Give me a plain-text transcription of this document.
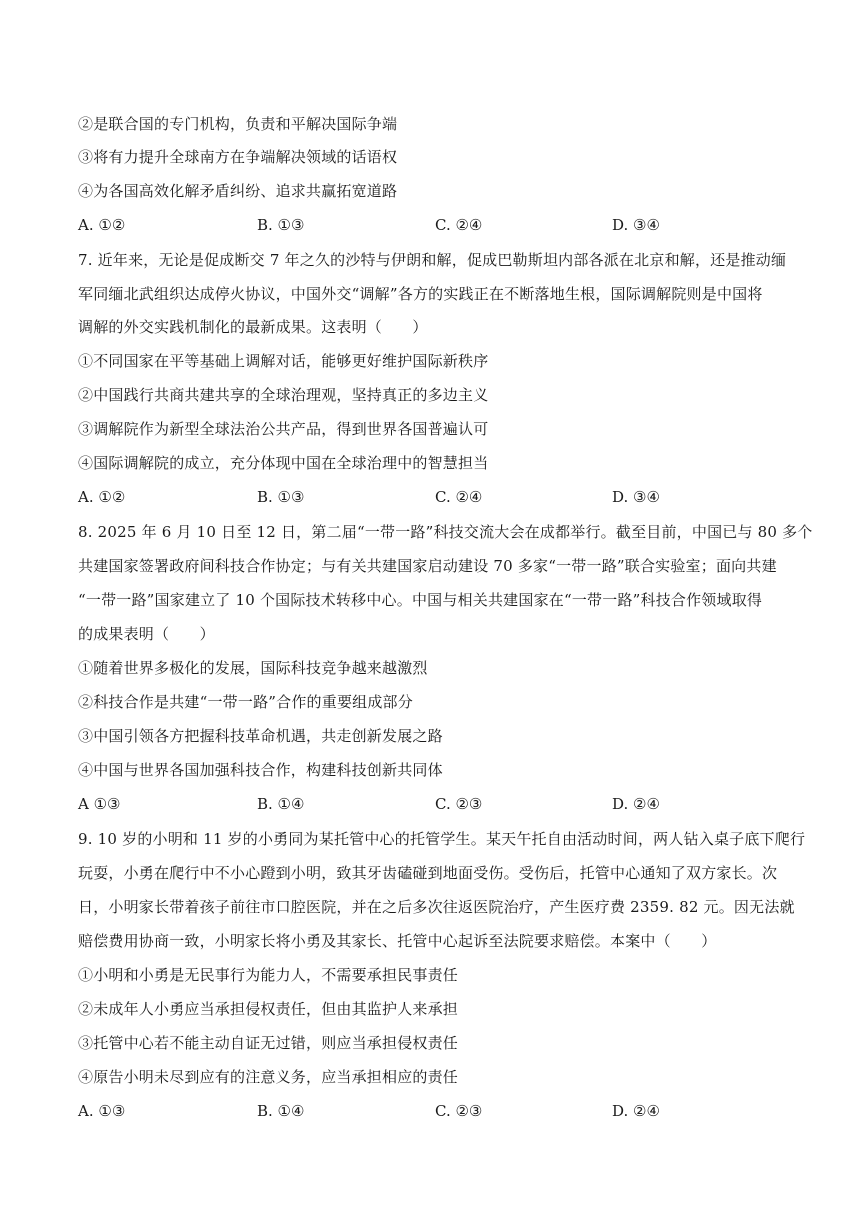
②是联合国的专门机构，负责和平解决国际争端
③将有力提升全球南方在争端解决领域的话语权
④为各国高效化解矛盾纠纷、追求共赢拓宽道路
A. ①②	B. ①③	C. ②④	D. ③④
7. 近年来，无论是促成断交 7 年之久的沙特与伊朗和解，促成巴勒斯坦内部各派在北京和解，还是推动缅
军同缅北武组织达成停火协议，中国外交“调解”各方的实践正在不断落地生根，国际调解院则是中国将
调解的外交实践机制化的最新成果。这表明（　　）
①不同国家在平等基础上调解对话，能够更好维护国际新秩序
②中国践行共商共建共享的全球治理观，坚持真正的多边主义
③调解院作为新型全球法治公共产品，得到世界各国普遍认可
④国际调解院的成立，充分体现中国在全球治理中的智慧担当
A. ①②	B. ①③	C. ②④	D. ③④
8. 2025 年 6 月 10 日至 12 日，第二届“一带一路”科技交流大会在成都举行。截至目前，中国已与 80 多个
共建国家签署政府间科技合作协定；与有关共建国家启动建设 70 多家“一带一路”联合实验室；面向共建
“一带一路”国家建立了 10 个国际技术转移中心。中国与相关共建国家在“一带一路”科技合作领域取得
的成果表明（　　）
①随着世界多极化的发展，国际科技竞争越来越激烈
②科技合作是共建“一带一路”合作的重要组成部分
③中国引领各方把握科技革命机遇，共走创新发展之路
④中国与世界各国加强科技合作，构建科技创新共同体
A ①③	B. ①④	C. ②③	D. ②④
9. 10 岁的小明和 11 岁的小勇同为某托管中心的托管学生。某天午托自由活动时间，两人钻入桌子底下爬行
玩耍，小勇在爬行中不小心蹬到小明，致其牙齿磕碰到地面受伤。受伤后，托管中心通知了双方家长。次
日，小明家长带着孩子前往市口腔医院，并在之后多次往返医院治疗，产生医疗费 2359. 82 元。因无法就
赔偿费用协商一致，小明家长将小勇及其家长、托管中心起诉至法院要求赔偿。本案中（　　）
①小明和小勇是无民事行为能力人，不需要承担民事责任
②未成年人小勇应当承担侵权责任，但由其监护人来承担
③托管中心若不能主动自证无过错，则应当承担侵权责任
④原告小明未尽到应有的注意义务，应当承担相应的责任
A. ①③	B. ①④	C. ②③	D. ②④
